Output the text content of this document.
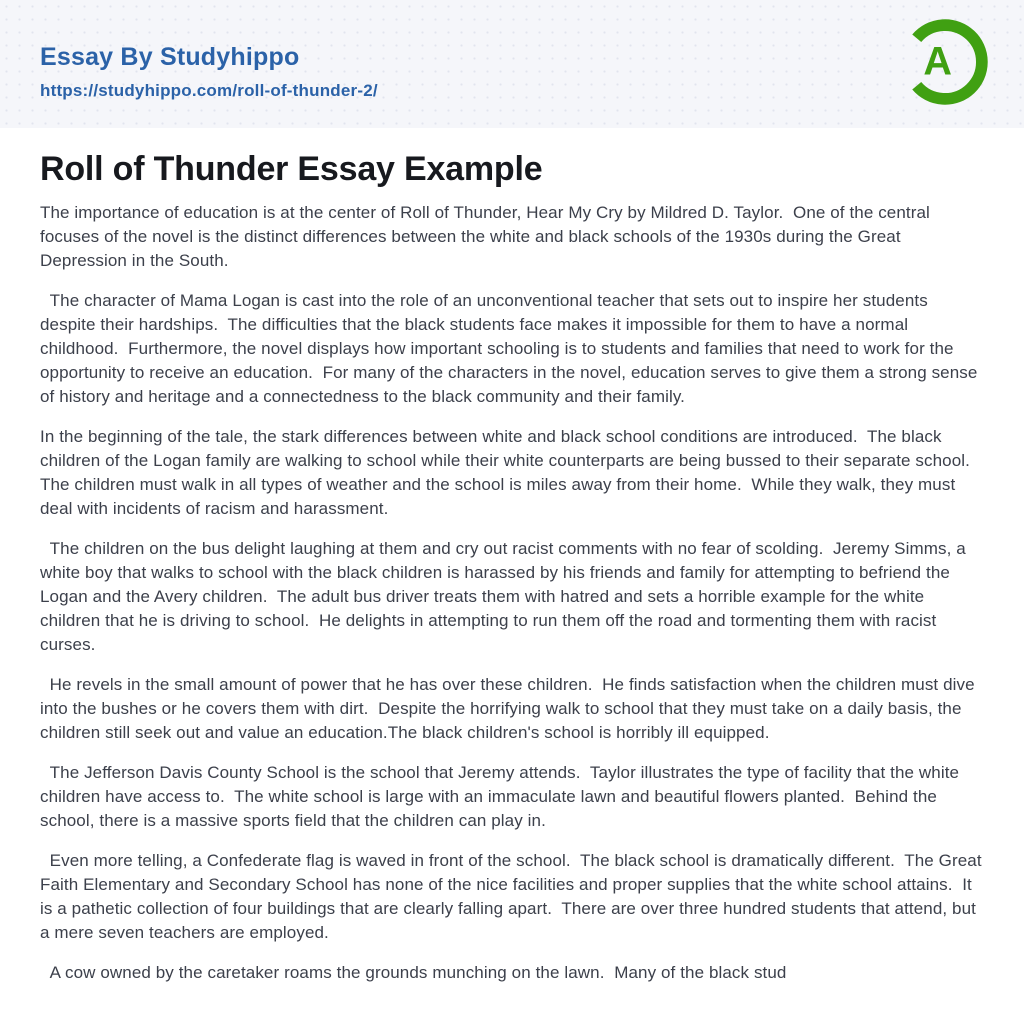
Essay By Studyhippo
https://studyhippo.com/roll-of-thunder-2/
A
Roll of Thunder Essay Example

The importance of education is at the center of Roll of Thunder, Hear My Cry by Mildred D. Taylor.  One of the central focuses of the novel is the distinct differences between the white and black schools of the 1930s during the Great Depression in the South.

The character of Mama Logan is cast into the role of an unconventional teacher that sets out to inspire her students despite their hardships.  The difficulties that the black students face makes it impossible for them to have a normal childhood.  Furthermore, the novel displays how important schooling is to students and families that need to work for the opportunity to receive an education.  For many of the characters in the novel, education serves to give them a strong sense of history and heritage and a connectedness to the black community and their family.

In the beginning of the tale, the stark differences between white and black school conditions are introduced.  The black children of the Logan family are walking to school while their white counterparts are being bussed to their separate school.  The children must walk in all types of weather and the school is miles away from their home.  While they walk, they must deal with incidents of racism and harassment.

The children on the bus delight laughing at them and cry out racist comments with no fear of scolding.  Jeremy Simms, a white boy that walks to school with the black children is harassed by his friends and family for attempting to befriend the Logan and the Avery children.  The adult bus driver treats them with hatred and sets a horrible example for the white children that he is driving to school.  He delights in attempting to run them off the road and tormenting them with racist curses.

He revels in the small amount of power that he has over these children.  He finds satisfaction when the children must dive into the bushes or he covers them with dirt.  Despite the horrifying walk to school that they must take on a daily basis, the children still seek out and value an education.The black children's school is horribly ill equipped.

The Jefferson Davis County School is the school that Jeremy attends.  Taylor illustrates the type of facility that the white children have access to.  The white school is large with an immaculate lawn and beautiful flowers planted.  Behind the school, there is a massive sports field that the children can play in.

Even more telling, a Confederate flag is waved in front of the school.  The black school is dramatically different.  The Great Faith Elementary and Secondary School has none of the nice facilities and proper supplies that the white school attains.  It is a pathetic collection of four buildings that are clearly falling apart.  There are over three hundred students that attend, but a mere seven teachers are employed.

A cow owned by the caretaker roams the grounds munching on the lawn.  Many of the black stud
